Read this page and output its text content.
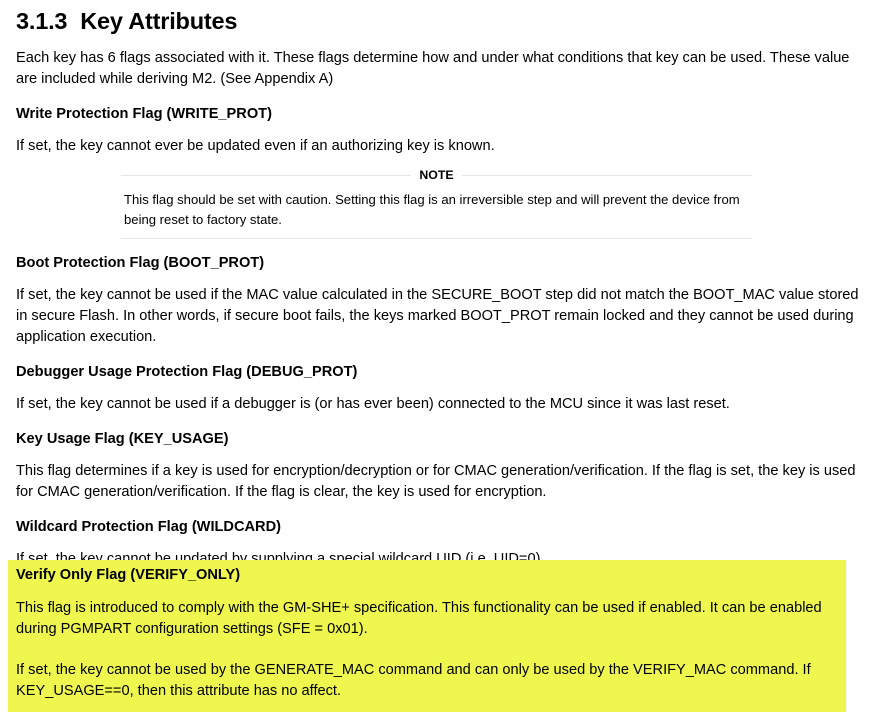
3.1.3 Key Attributes

Each key has 6 flags associated with it. These flags determine how and under what conditions that key can be used. These value are included while deriving M2. (See Appendix A)

Write Protection Flag (WRITE_PROT)

If set, the key cannot ever be updated even if an authorizing key is known.

NOTE
This flag should be set with caution. Setting this flag is an irreversible step and will prevent the device from being reset to factory state.
Boot Protection Flag (BOOT_PROT)

If set, the key cannot be used if the MAC value calculated in the SECURE_BOOT step did not match the BOOT_MAC value stored in secure Flash. In other words, if secure boot fails, the keys marked BOOT_PROT remain locked and they cannot be used during application execution.

Debugger Usage Protection Flag (DEBUG_PROT)

If set, the key cannot be used if a debugger is (or has ever been) connected to the MCU since it was last reset.

Key Usage Flag (KEY_USAGE)

This flag determines if a key is used for encryption/decryption or for CMAC generation/verification. If the flag is set, the key is used for CMAC generation/verification. If the flag is clear, the key is used for encryption.

Wildcard Protection Flag (WILDCARD)

Verify Only Flag (VERIFY_ONLY)

This flag is introduced to comply with the GM-SHE+ specification. This functionality can be used if enabled. It can be enabled during PGMPART configuration settings (SFE = 0x01).

If set, the key cannot be used by the GENERATE_MAC command and can only be used by the VERIFY_MAC command. If KEY_USAGE==0, then this attribute has no affect.
